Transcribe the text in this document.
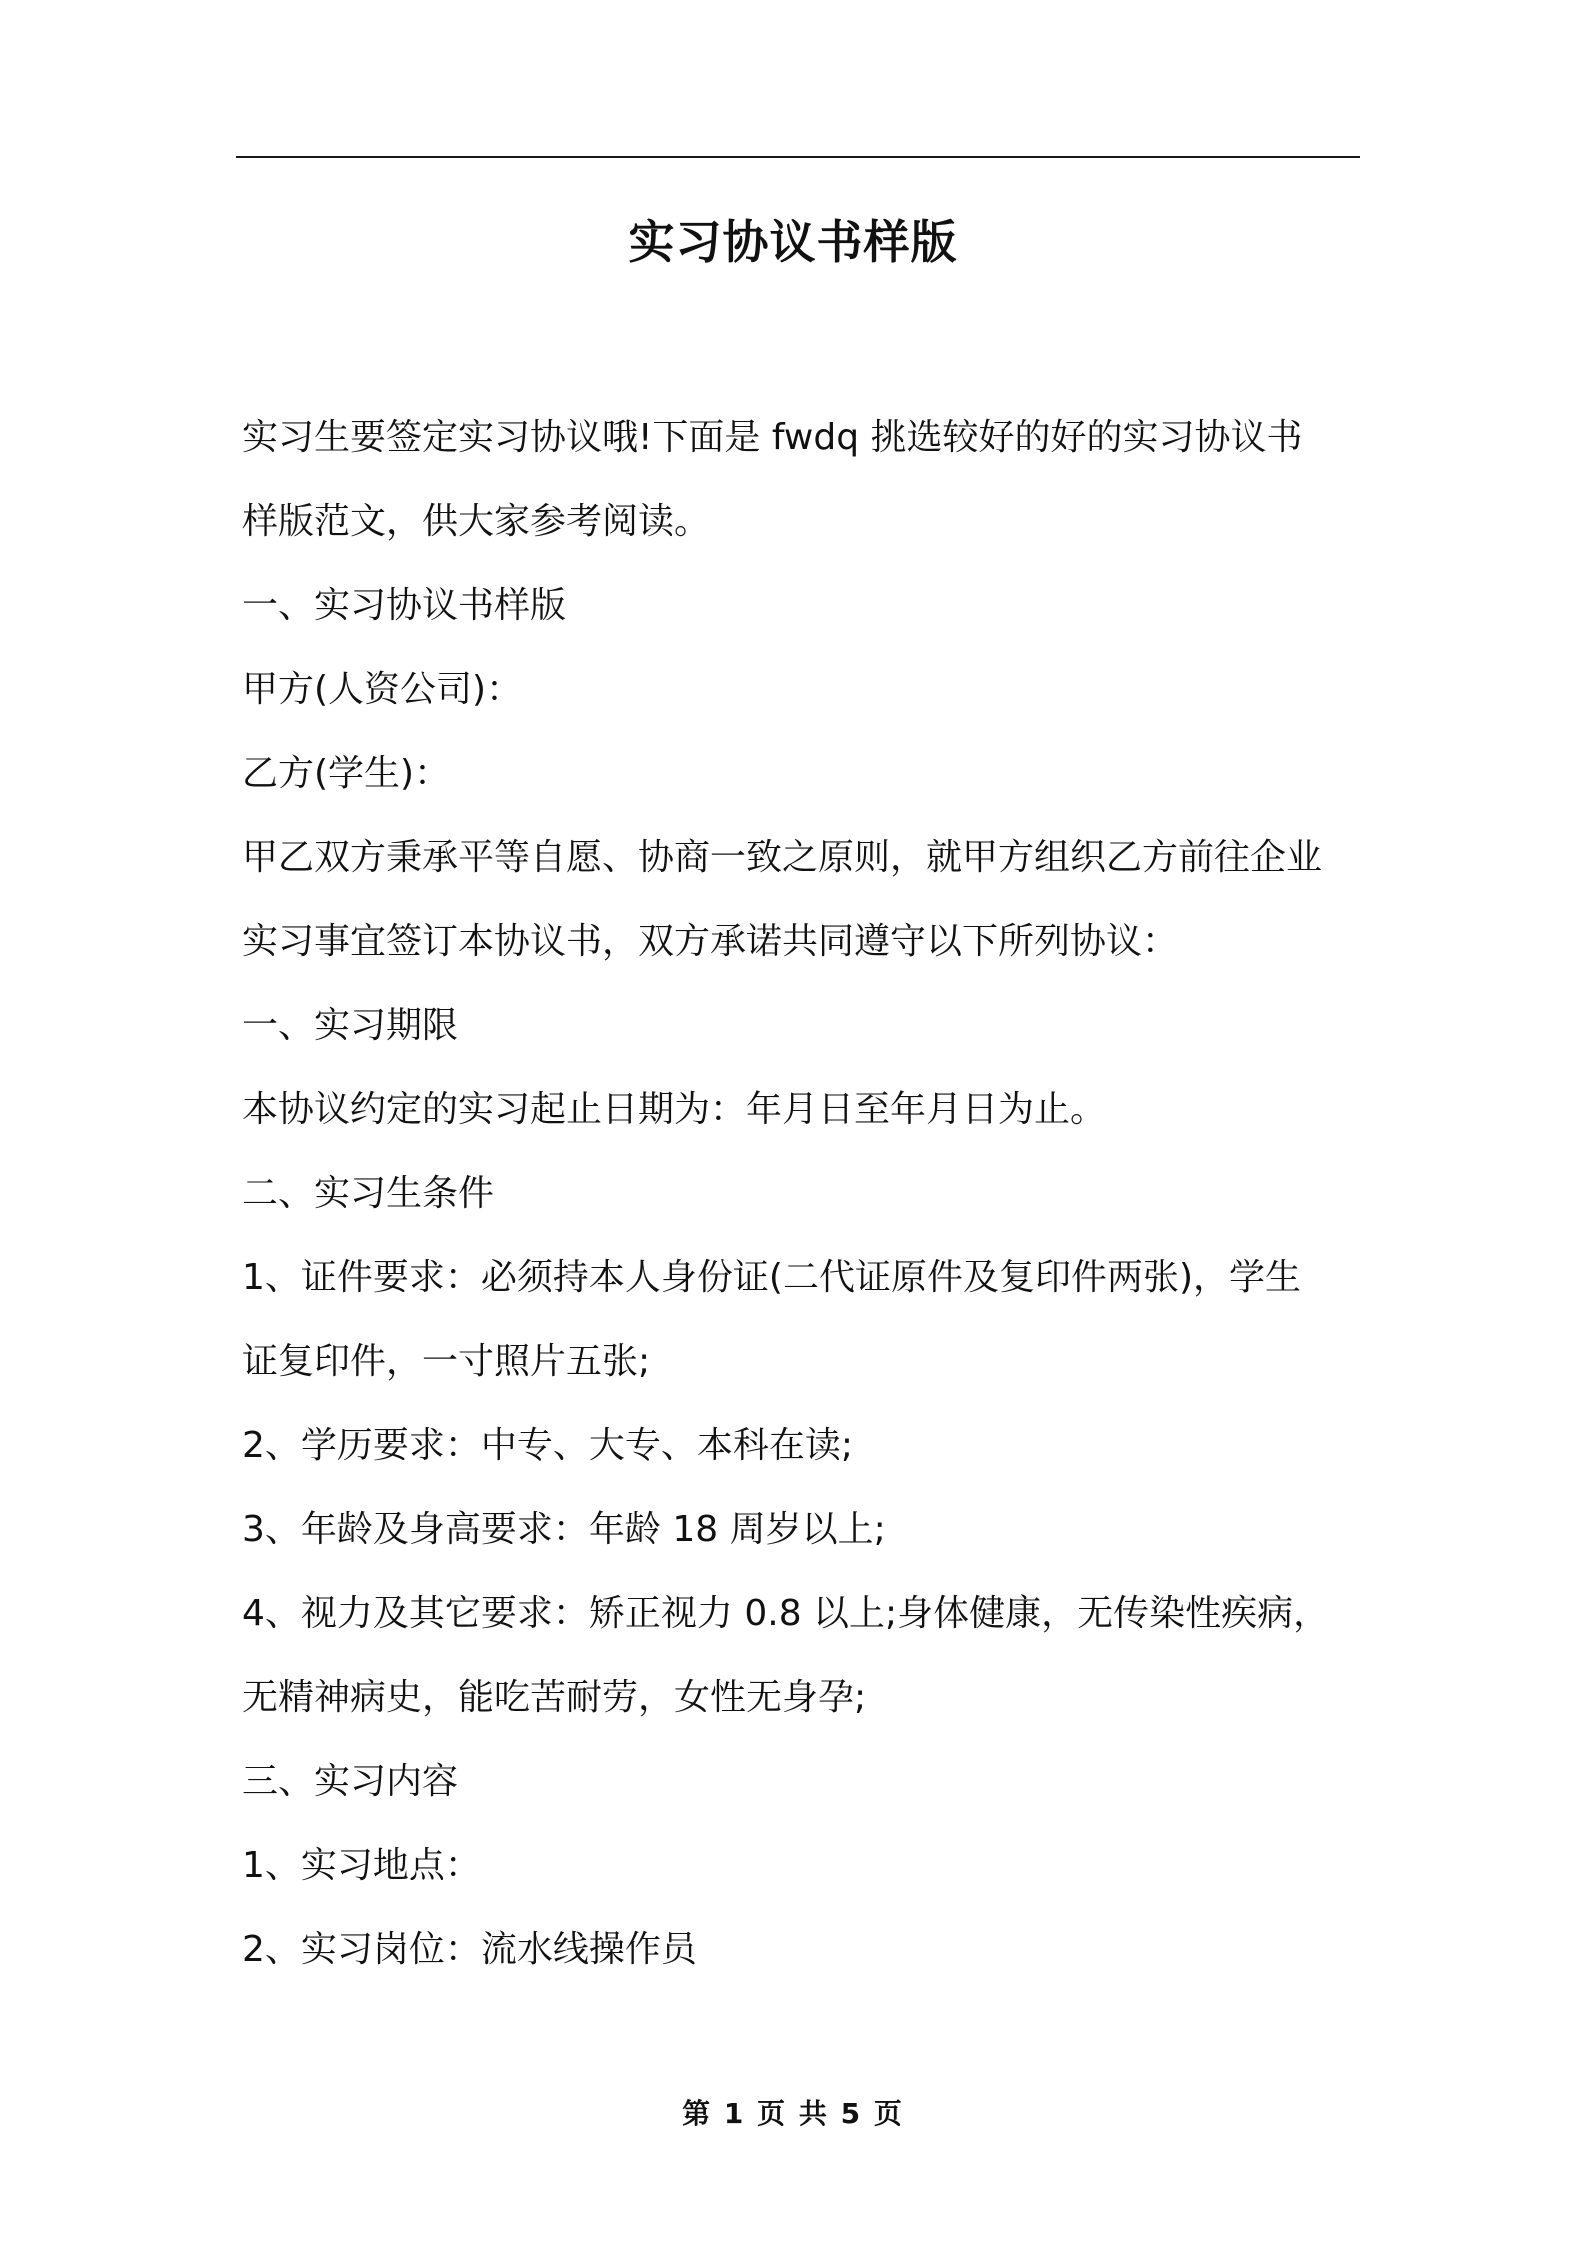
实习协议书样版

实习生要签定实习协议哦!下面是 fwdq 挑选较好的好的实习协议书

样版范文，供大家参考阅读。

一、实习协议书样版

甲方(人资公司)：

乙方(学生)：

甲乙双方秉承平等自愿、协商一致之原则，就甲方组织乙方前往企业

实习事宜签订本协议书，双方承诺共同遵守以下所列协议：

一、实习期限

本协议约定的实习起止日期为：年月日至年月日为止。

二、实习生条件

1、证件要求：必须持本人身份证(二代证原件及复印件两张)，学生

证复印件，一寸照片五张;

2、学历要求：中专、大专、本科在读;

3、年龄及身高要求：年龄 18 周岁以上;

4、视力及其它要求：矫正视力 0.8 以上;身体健康，无传染性疾病，

无精神病史，能吃苦耐劳，女性无身孕;

三、实习内容

1、实习地点：

2、实习岗位：流水线操作员

第 1 页 共 5 页
